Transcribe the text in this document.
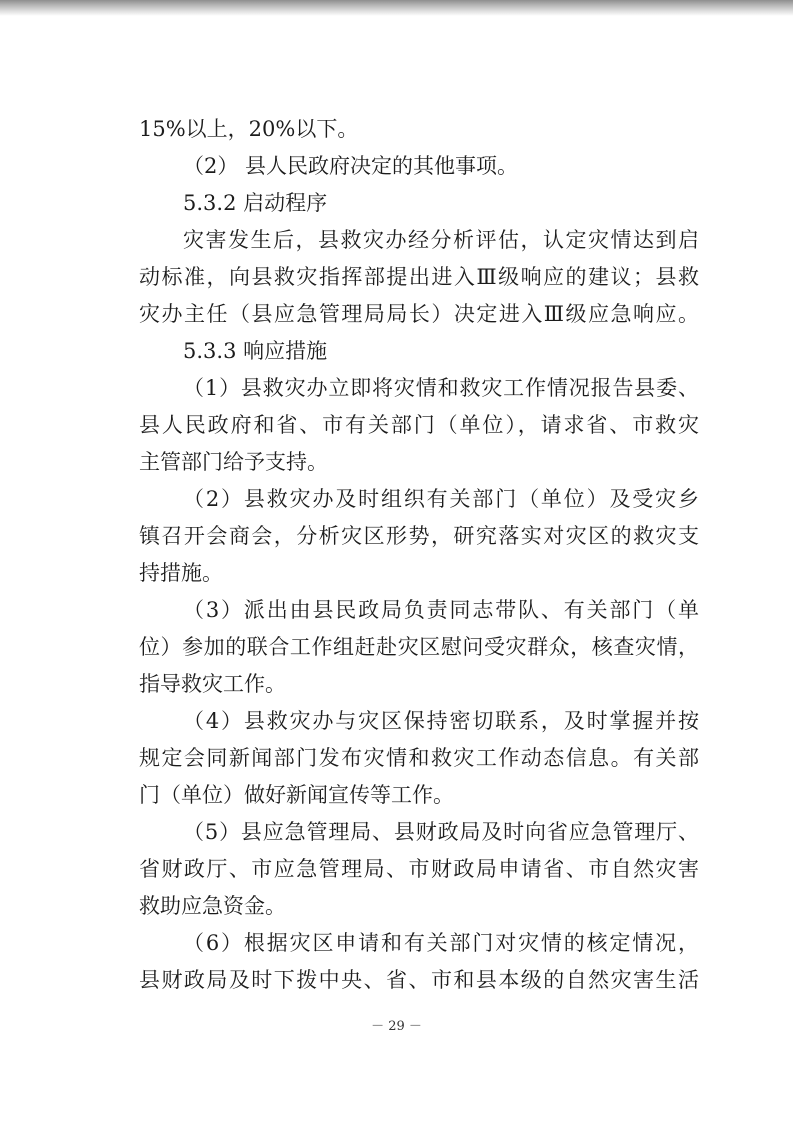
15%以上，20%以下。
（2） 县人民政府决定的其他事项。
5.3.2 启动程序
灾害发生后，县救灾办经分析评估，认定灾情达到启
动标准，向县救灾指挥部提出进入Ⅲ级响应的建议；县救
灾办主任（县应急管理局局长）决定进入Ⅲ级应急响应。
5.3.3 响应措施
（1）县救灾办立即将灾情和救灾工作情况报告县委、
县人民政府和省、市有关部门（单位），请求省、市救灾
主管部门给予支持。
（2）县救灾办及时组织有关部门（单位）及受灾乡
镇召开会商会，分析灾区形势，研究落实对灾区的救灾支
持措施。
（3）派出由县民政局负责同志带队、有关部门（单
位）参加的联合工作组赶赴灾区慰问受灾群众，核查灾情，
指导救灾工作。
（4）县救灾办与灾区保持密切联系，及时掌握并按
规定会同新闻部门发布灾情和救灾工作动态信息。有关部
门（单位）做好新闻宣传等工作。
（5）县应急管理局、县财政局及时向省应急管理厅、
省财政厅、市应急管理局、市财政局申请省、市自然灾害
救助应急资金。
（6）根据灾区申请和有关部门对灾情的核定情况，
县财政局及时下拨中央、省、市和县本级的自然灾害生活
－ 29 －
